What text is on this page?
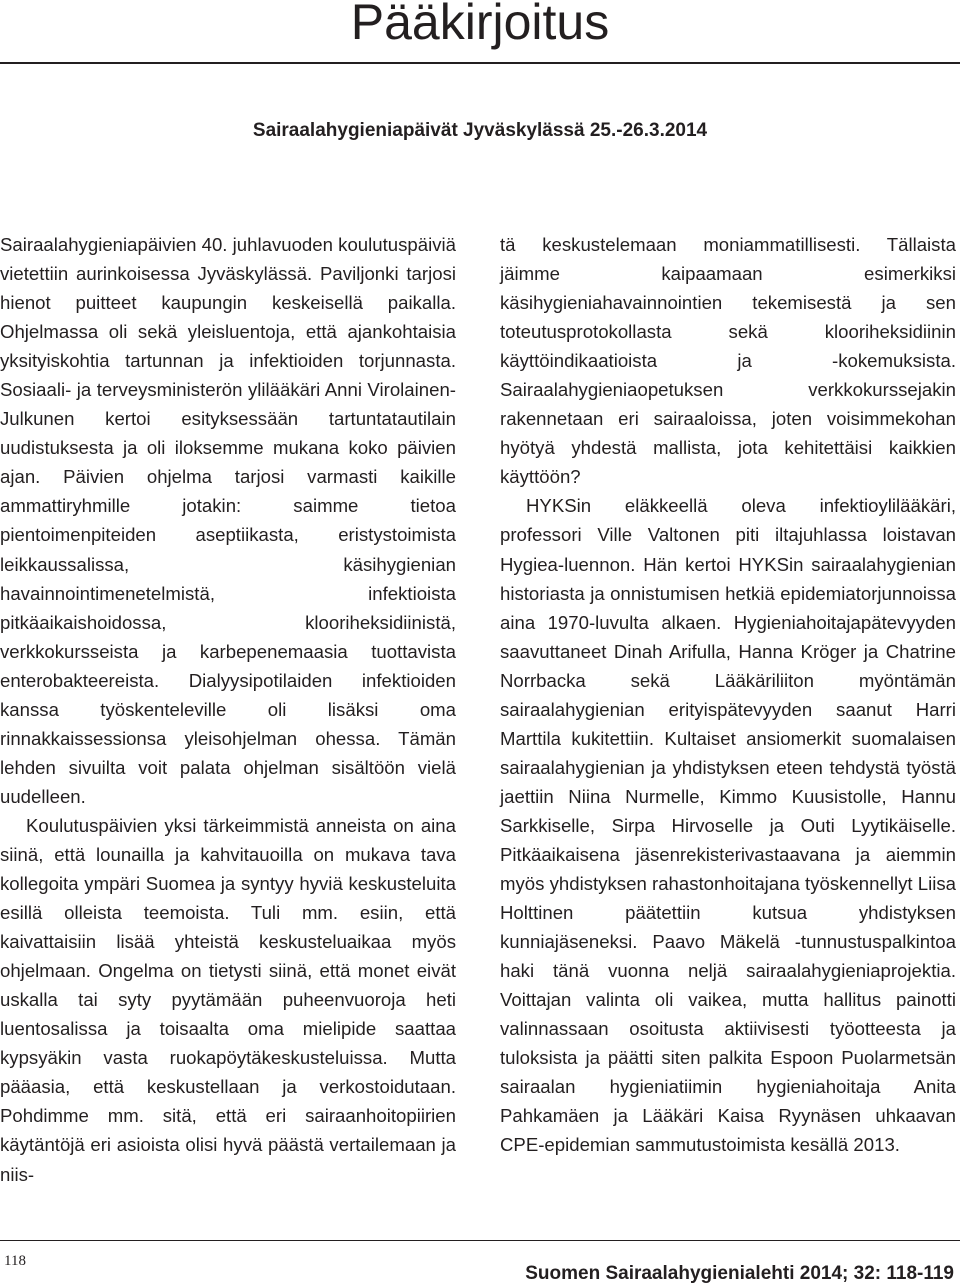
Pääkirjoitus
Sairaalahygieniapäivät Jyväskylässä 25.-26.3.2014

Sairaalahygieniapäivien 40. juhlavuoden koulutuspäiviä vietettiin aurinkoisessa Jyväskylässä. Paviljonki tarjosi hienot puitteet kaupungin keskeisellä paikalla. Ohjelmassa oli sekä yleisluentoja, että ajankohtaisia yksityiskohtia tartunnan ja infektioiden torjunnasta. Sosiaali- ja terveysministerön ylilääkäri Anni Virolainen-Julkunen kertoi esityksessään tartuntatautilain uudistuksesta ja oli iloksemme mukana koko päivien ajan. Päivien ohjelma tarjosi varmasti kaikille ammattiryhmille jotakin: saimme tietoa pientoimenpiteiden aseptiikasta, eristystoimista leikkaussalissa, käsihygienian havainnointimenetelmistä, infektioista pitkäaikaishoidossa, klooriheksidiinistä, verkkokursseista ja karbepenemaasia tuottavista enterobakteereista. Dialyysipotilaiden infektioiden kanssa työskenteleville oli lisäksi oma rinnakkaissessionsa yleisohjelman ohessa. Tämän lehden sivuilta voit palata ohjelman sisältöön vielä uudelleen.

Koulutuspäivien yksi tärkeimmistä anneista on aina siinä, että lounailla ja kahvitauoilla on mukava tava kollegoita ympäri Suomea ja syntyy hyviä keskusteluita esillä olleista teemoista. Tuli mm. esiin, että kaivattaisiin lisää yhteistä keskusteluaikaa myös ohjelmaan. Ongelma on tietysti siinä, että monet eivät uskalla tai syty pyytämään puheenvuoroja heti luentosalissa ja toisaalta oma mielipide saattaa kypsyäkin vasta ruokapöytäkeskusteluissa. Mutta pääasia, että keskustellaan ja verkostoidutaan. Pohdimme mm. sitä, että eri sairaanhoitopiirien käytäntöjä eri asioista olisi hyvä päästä vertailemaan ja niis-

tä keskustelemaan moniammatillisesti. Tällaista jäimme kaipaamaan esimerkiksi käsihygieniahavainnointien tekemisestä ja sen toteutusprotokollasta sekä klooriheksidiinin käyttöindikaatioista ja -kokemuksista. Sairaalahygieniaopetuksen verkkokurssejakin rakennetaan eri sairaaloissa, joten voisimmekohan hyötyä yhdestä mallista, jota kehitettäisi kaikkien käyttöön?

HYKSin eläkkeellä oleva infektioylilääkäri, professori Ville Valtonen piti iltajuhlassa loistavan Hygiea-luennon. Hän kertoi HYKSin sairaalahygienian historiasta ja onnistumisen hetkiä epidemiatorjunnoissa aina 1970-luvulta alkaen. Hygieniahoitajapätevyyden saavuttaneet Dinah Arifulla, Hanna Kröger ja Chatrine Norrbacka sekä Lääkäriliiton myöntämän sairaalahygienian erityispätevyyden saanut Harri Marttila kukitettiin. Kultaiset ansiomerkit suomalaisen sairaalahygienian ja yhdistyksen eteen tehdystä työstä jaettiin Niina Nurmelle, Kimmo Kuusistolle, Hannu Sarkkiselle, Sirpa Hirvoselle ja Outi Lyytikäiselle. Pitkäaikaisena jäsenrekisterivastaavana ja aiemmin myös yhdistyksen rahastonhoitajana työskennellyt Liisa Holttinen päätettiin kutsua yhdistyksen kunniajäseneksi. Paavo Mäkelä -tunnustuspalkintoa haki tänä vuonna neljä sairaalahygieniaprojektia. Voittajan valinta oli vaikea, mutta hallitus painotti valinnassaan osoitusta aktiivisesti työotteesta ja tuloksista ja päätti siten palkita Espoon Puolarmetsän sairaalan hygieniatiimin hygieniahoitaja Anita Pahkamäen ja Lääkäri Kaisa Ryynäsen uhkaavan CPE-epidemian sammutustoimista kesällä 2013.

118
Suomen Sairaalahygienialehti 2014; 32: 118-119
